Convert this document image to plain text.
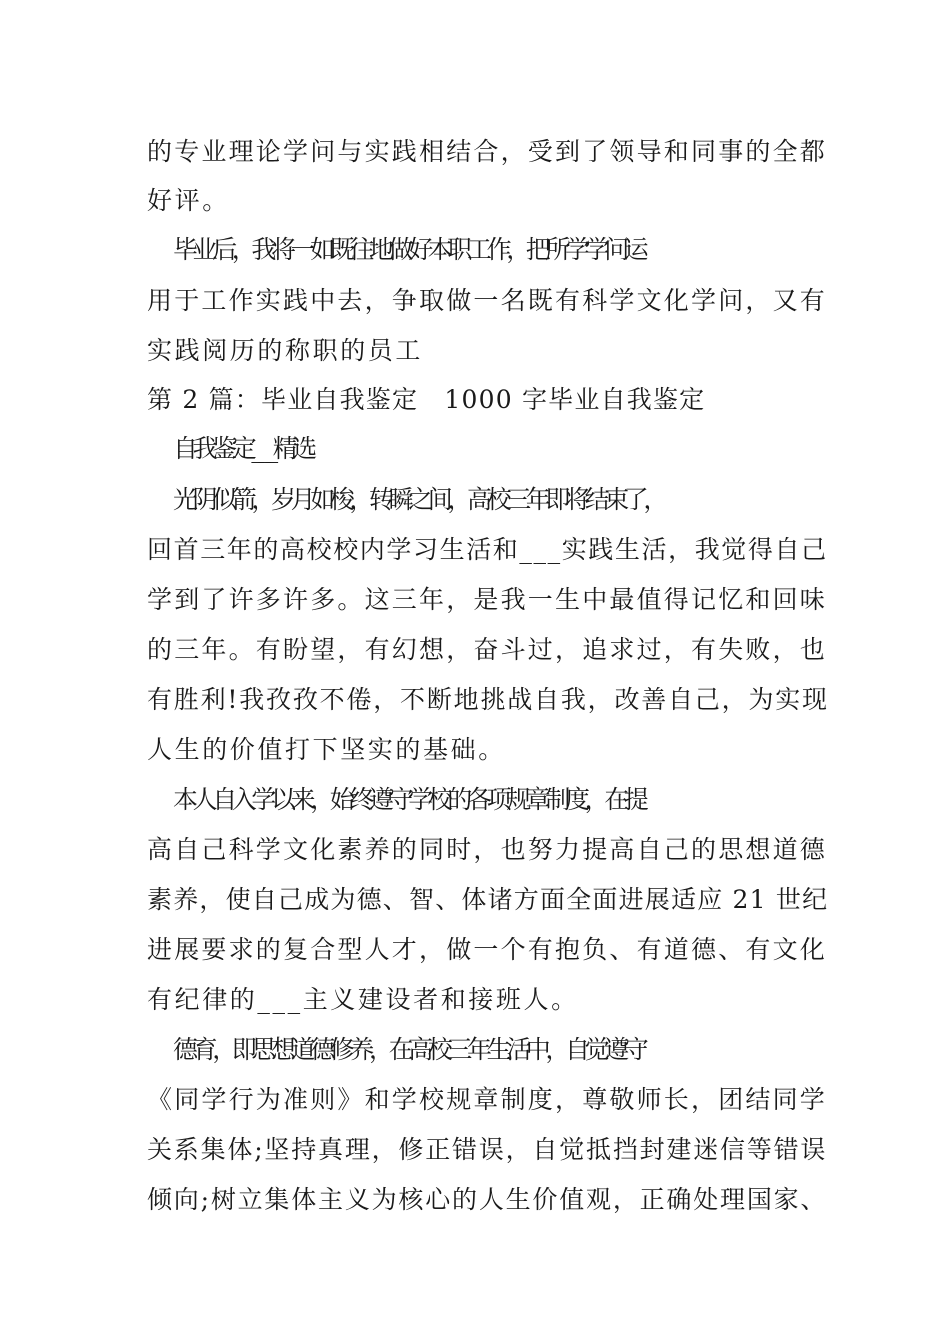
的专业理论学问与实践相结合，受到了领导和同事的全都
好评。
毕业后，我将一如既往地做好本职工作，把所学学问运
用于工作实践中去，争取做一名既有科学文化学问，又有
实践阅历的称职的员工
第 2 篇：毕业自我鉴定　1000 字毕业自我鉴定
自我鉴定___精选
光阴似箭，岁月如梭，转瞬之间，高校三年即将结束了，
回首三年的高校校内学习生活和___实践生活，我觉得自己
学到了许多许多。这三年，是我一生中最值得记忆和回味
的三年。有盼望，有幻想，奋斗过，追求过，有失败，也
有胜利!我孜孜不倦，不断地挑战自我，改善自己，为实现
人生的价值打下坚实的基础。
本人自入学以来，始终遵守学校的各项规章制度，在提
高自己科学文化素养的同时，也努力提高自己的思想道德
素养，使自己成为德、智、体诸方面全面进展适应 21 世纪
进展要求的复合型人才，做一个有抱负、有道德、有文化
有纪律的___主义建设者和接班人。
德育，即思想道德修养，在高校三年生活中，自觉遵守
《同学行为准则》和学校规章制度，尊敬师长，团结同学
关系集体;坚持真理，修正错误，自觉抵挡封建迷信等错误
倾向;树立集体主义为核心的人生价值观，正确处理国家、
